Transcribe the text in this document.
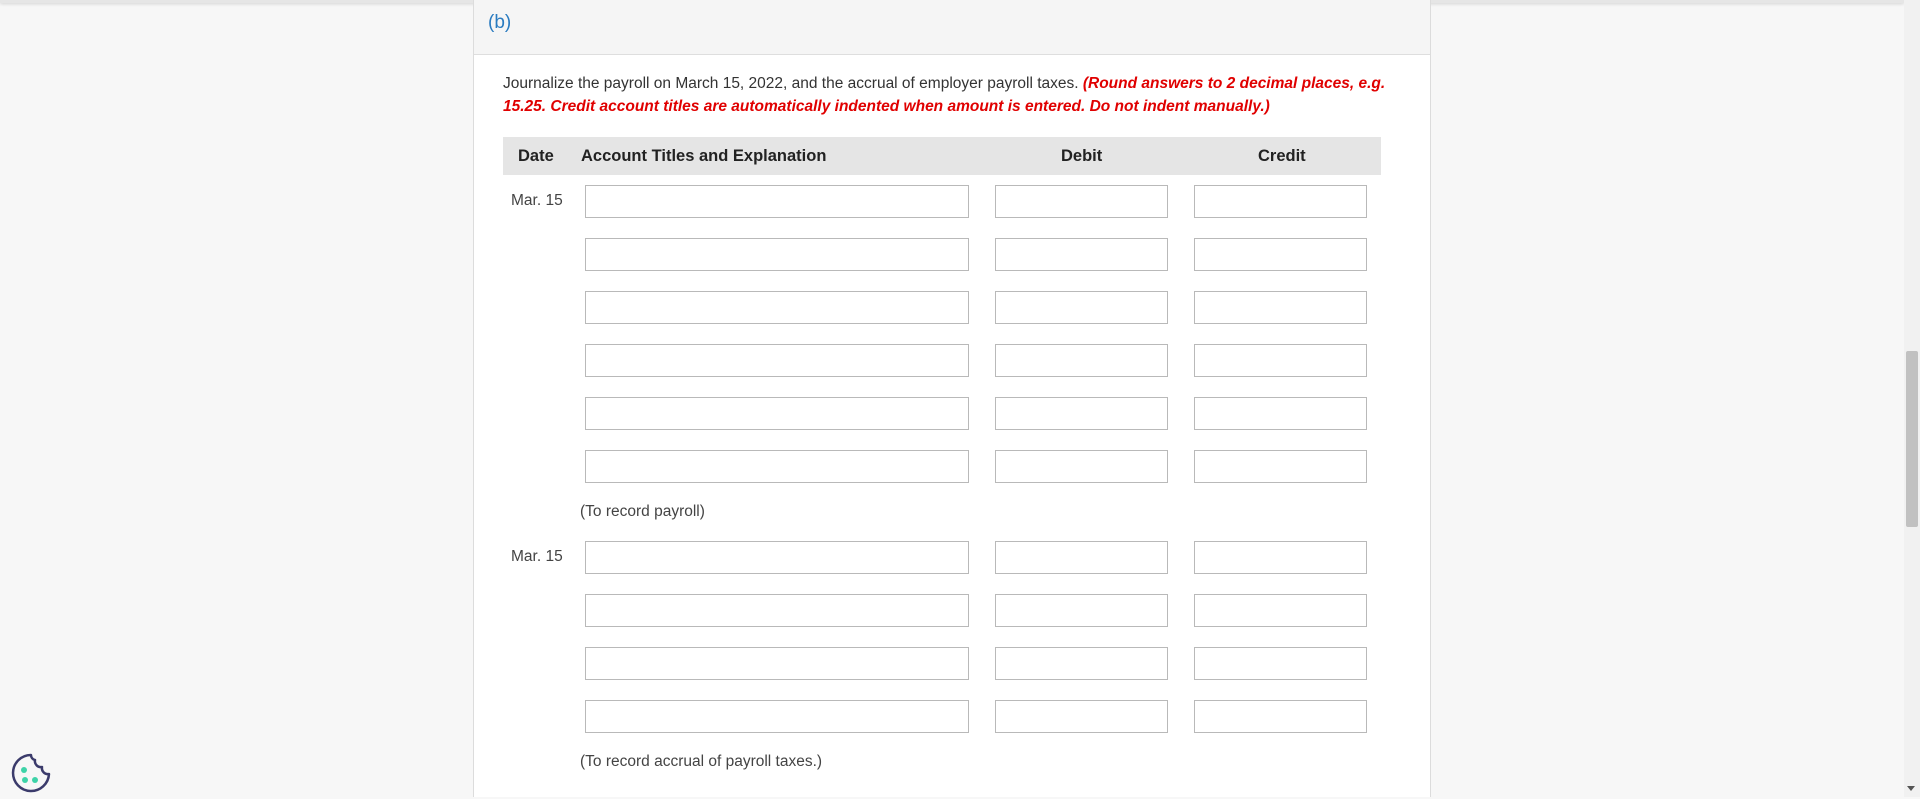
(b)
Journalize the payroll on March 15, 2022, and the accrual of employer payroll taxes. (Round answers to 2 decimal places, e.g. 15.25. Credit account titles are automatically indented when amount is entered. Do not indent manually.)
Date Account Titles and Explanation	Debit	Credit
Mar. 15
(To record payroll)
Mar. 15
(To record accrual of payroll taxes.)
